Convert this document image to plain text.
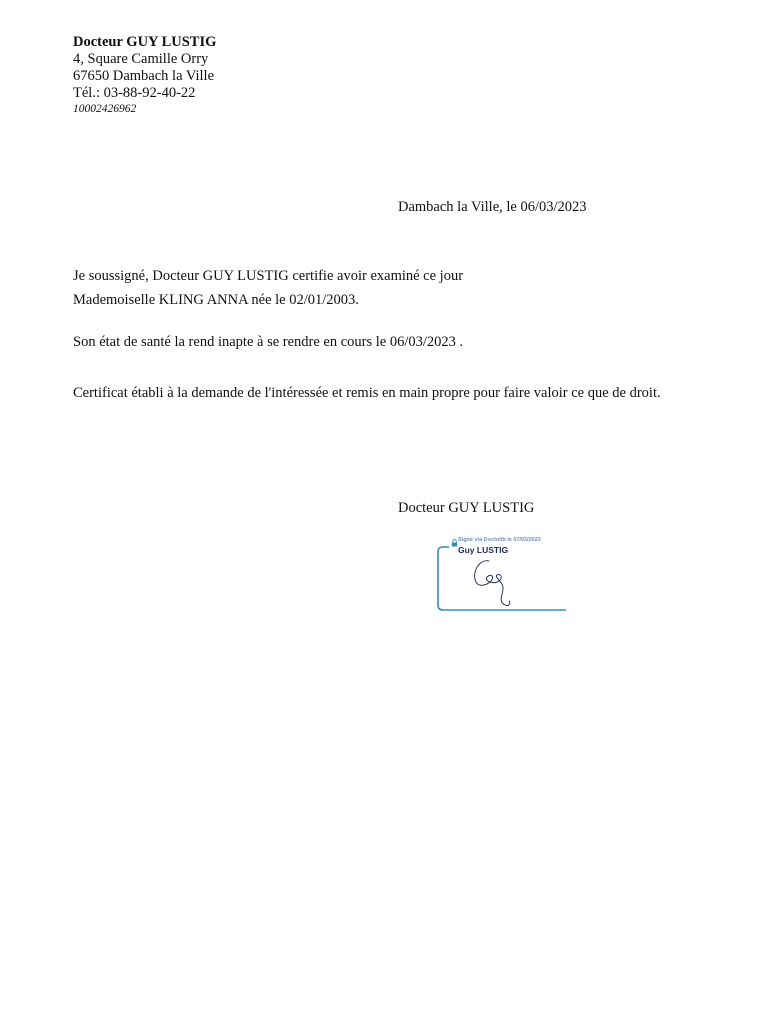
Docteur GUY LUSTIG
4, Square Camille Orry
67650 Dambach la Ville
Tél.: 03-88-92-40-22
10002426962
Dambach la Ville, le 06/03/2023
Je soussigné, Docteur GUY LUSTIG certifie avoir examiné ce jour
Mademoiselle KLING ANNA née le 02/01/2003.
Son état de santé la rend inapte à se rendre en cours le 06/03/2023 .
Certificat établi à la demande de l'intéressée et remis en main propre pour faire valoir ce que de droit.
Docteur GUY LUSTIG
Signé via Doctolib le 07/03/2023
Guy LUSTIG
